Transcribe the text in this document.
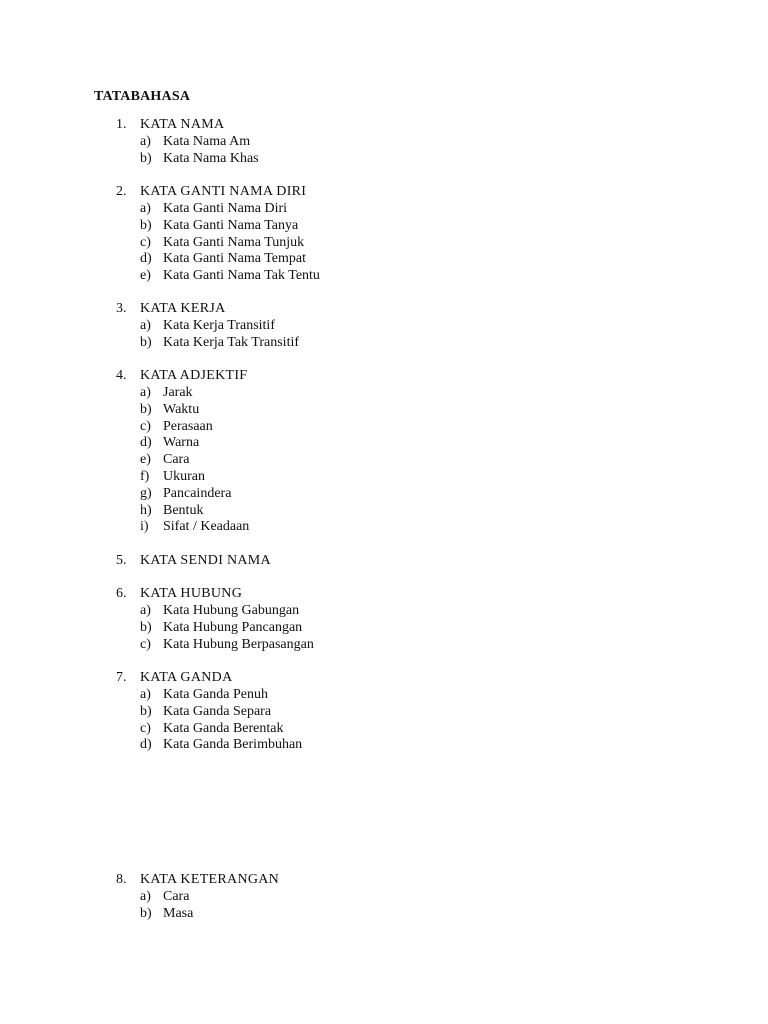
TATABAHASA
1. KATA NAMA
a) Kata Nama Am
b) Kata Nama Khas
2. KATA GANTI NAMA DIRI
a) Kata Ganti Nama Diri
b) Kata Ganti Nama Tanya
c) Kata Ganti Nama Tunjuk
d) Kata Ganti Nama Tempat
e) Kata Ganti Nama Tak Tentu
3. KATA KERJA
a) Kata Kerja Transitif
b) Kata Kerja Tak Transitif
4. KATA ADJEKTIF
a) Jarak
b) Waktu
c) Perasaan
d) Warna
e) Cara
f) Ukuran
g) Pancaindera
h) Bentuk
i) Sifat / Keadaan
5. KATA SENDI NAMA
6. KATA HUBUNG
a) Kata Hubung Gabungan
b) Kata Hubung Pancangan
c) Kata Hubung Berpasangan
7. KATA GANDA
a) Kata Ganda Penuh
b) Kata Ganda Separa
c) Kata Ganda Berentak
d) Kata Ganda Berimbuhan
8. KATA KETERANGAN
a) Cara
b) Masa
